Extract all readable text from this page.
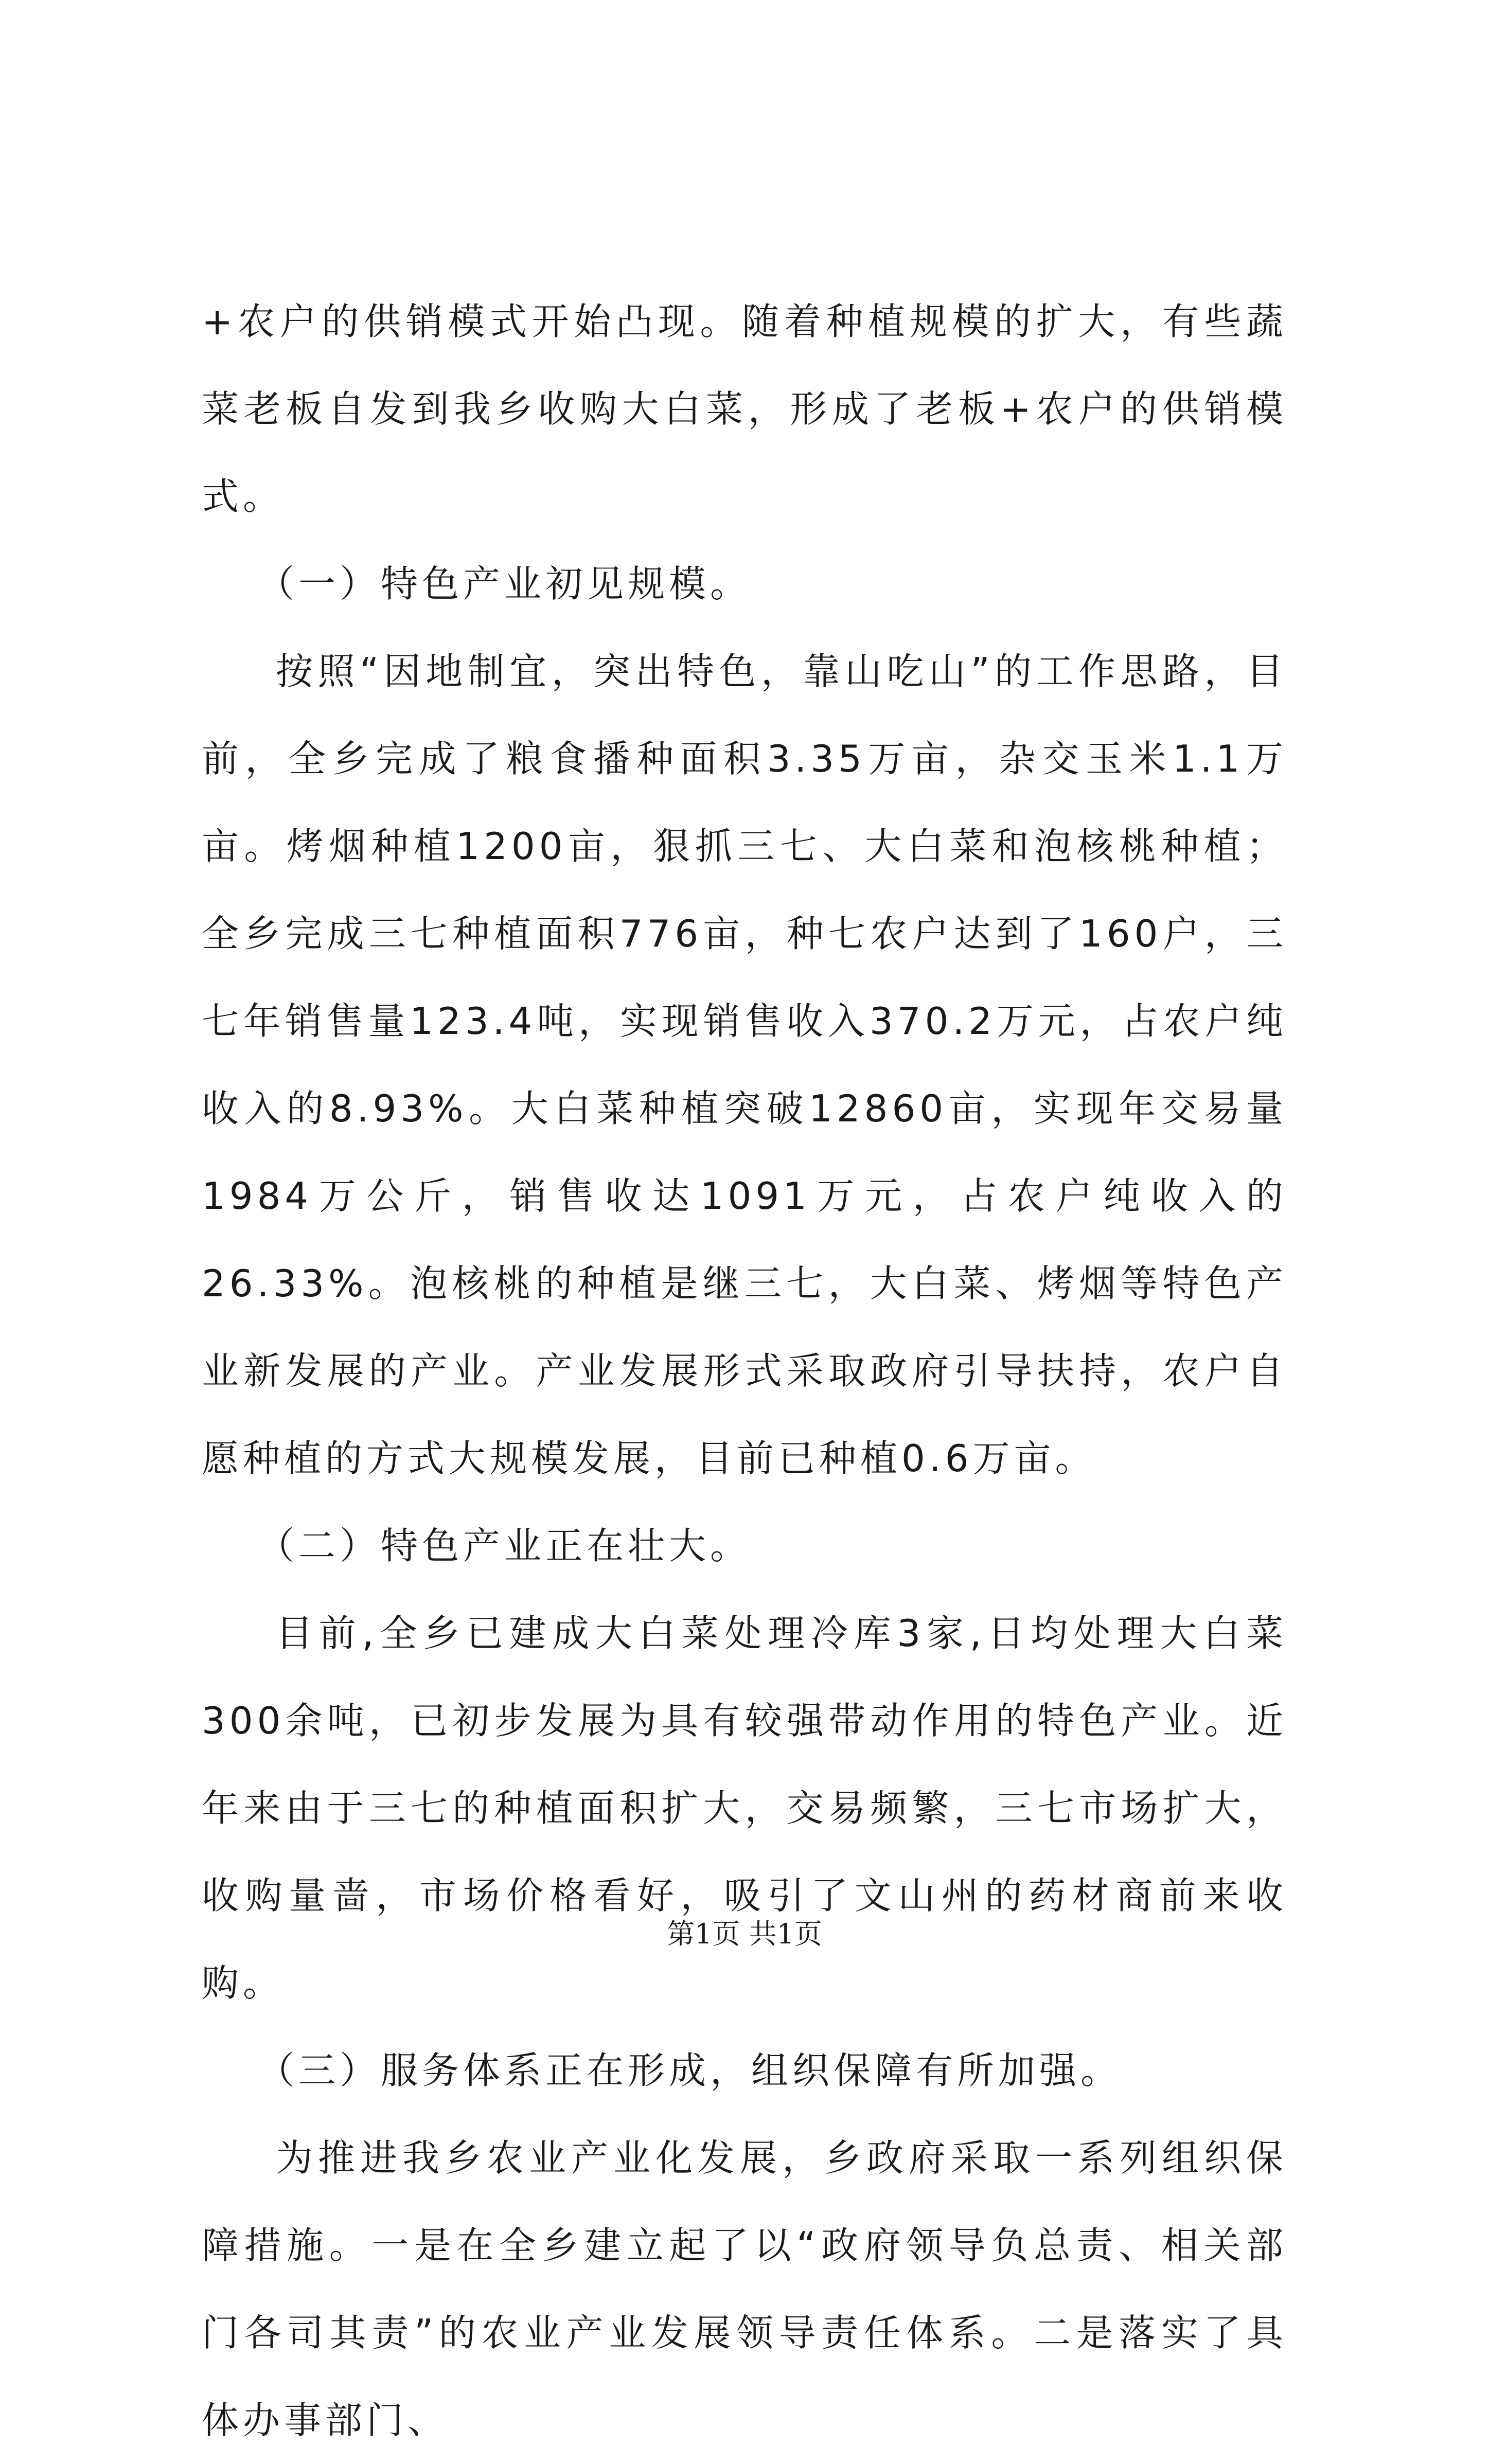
+农户的供销模式开始凸现。随着种植规模的扩大，有些蔬菜老板自发到我乡收购大白菜，形成了老板+农户的供销模式。

（一）特色产业初见规模。

按照“因地制宜，突出特色，靠山吃山”的工作思路，目前，全乡完成了粮食播种面积3.35万亩，杂交玉米1.1万亩。烤烟种植1200亩，狠抓三七、大白菜和泡核桃种植；全乡完成三七种植面积776亩，种七农户达到了160户，三七年销售量123.4吨，实现销售收入370.2万元，占农户纯收入的8.93%。大白菜种植突破12860亩，实现年交易量1984万公斤，销售收达1091万元，占农户纯收入的26.33%。泡核桃的种植是继三七，大白菜、烤烟等特色产业新发展的产业。产业发展形式采取政府引导扶持，农户自愿种植的方式大规模发展，目前已种植0.6万亩。

（二）特色产业正在壮大。

目前,全乡已建成大白菜处理冷库3家,日均处理大白菜300余吨，已初步发展为具有较强带动作用的特色产业。近年来由于三七的种植面积扩大，交易频繁，三七市场扩大，收购量啬，市场价格看好，吸引了文山州的药材商前来收购。

（三）服务体系正在形成，组织保障有所加强。

为推进我乡农业产业化发展，乡政府采取一系列组织保障措施。一是在全乡建立起了以“政府领导负总责、相关部门各司其责”的农业产业发展领导责任体系。二是落实了具体办事部门、

第1页 共1页
